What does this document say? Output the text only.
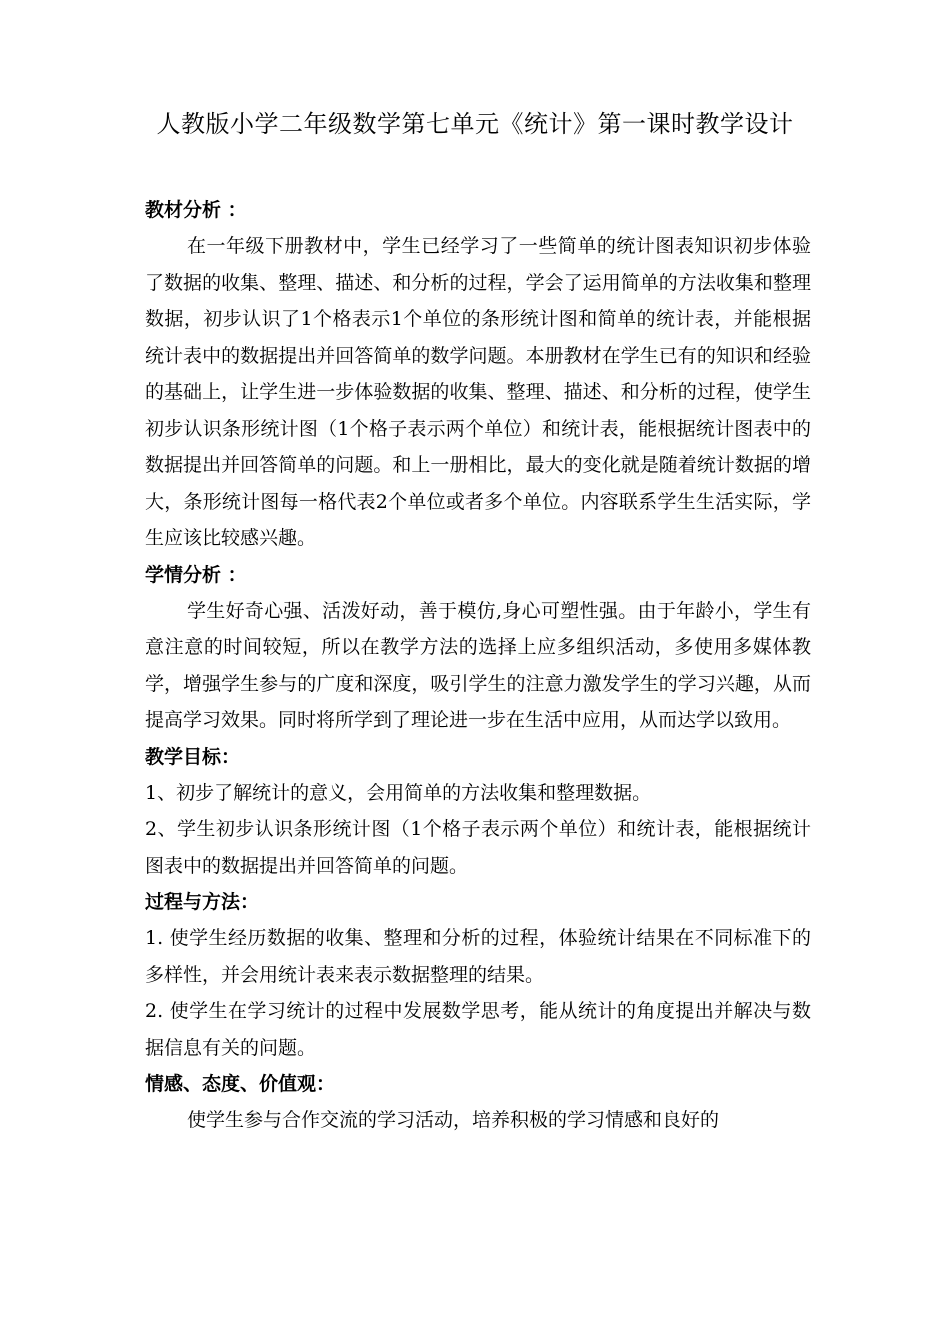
人教版小学二年级数学第七单元《统计》第一课时教学设计
教材分析 ：

在一年级下册教材中，学生已经学习了一些简单的统计图表知识初步体验了数据的收集、整理、描述、和分析的过程，学会了运用简单的方法收集和整理数据，初步认识了1个格表示1个单位的条形统计图和简单的统计表，并能根据统计表中的数据提出并回答简单的数学问题。本册教材在学生已有的知识和经验的基础上，让学生进一步体验数据的收集、整理、描述、和分析的过程，使学生初步认识条形统计图（1个格子表示两个单位）和统计表，能根据统计图表中的数据提出并回答简单的问题。和上一册相比，最大的变化就是随着统计数据的增大，条形统计图每一格代表2个单位或者多个单位。内容联系学生生活实际，学生应该比较感兴趣。

学情分析 ：

学生好奇心强、活泼好动，善于模仿,身心可塑性强。由于年龄小，学生有意注意的时间较短，所以在教学方法的选择上应多组织活动，多使用多媒体教学，增强学生参与的广度和深度，吸引学生的注意力激发学生的学习兴趣，从而提高学习效果。同时将所学到了理论进一步在生活中应用，从而达学以致用。

教学目标：

1、初步了解统计的意义，会用简单的方法收集和整理数据。

2、学生初步认识条形统计图（1个格子表示两个单位）和统计表，能根据统计图表中的数据提出并回答简单的问题。

过程与方法：

1. 使学生经历数据的收集、整理和分析的过程，体验统计结果在不同标准下的多样性，并会用统计表来表示数据整理的结果。

2. 使学生在学习统计的过程中发展数学思考，能从统计的角度提出并解决与数据信息有关的问题。

情感、态度、价值观：

使学生参与合作交流的学习活动，培养积极的学习情感和良好的
